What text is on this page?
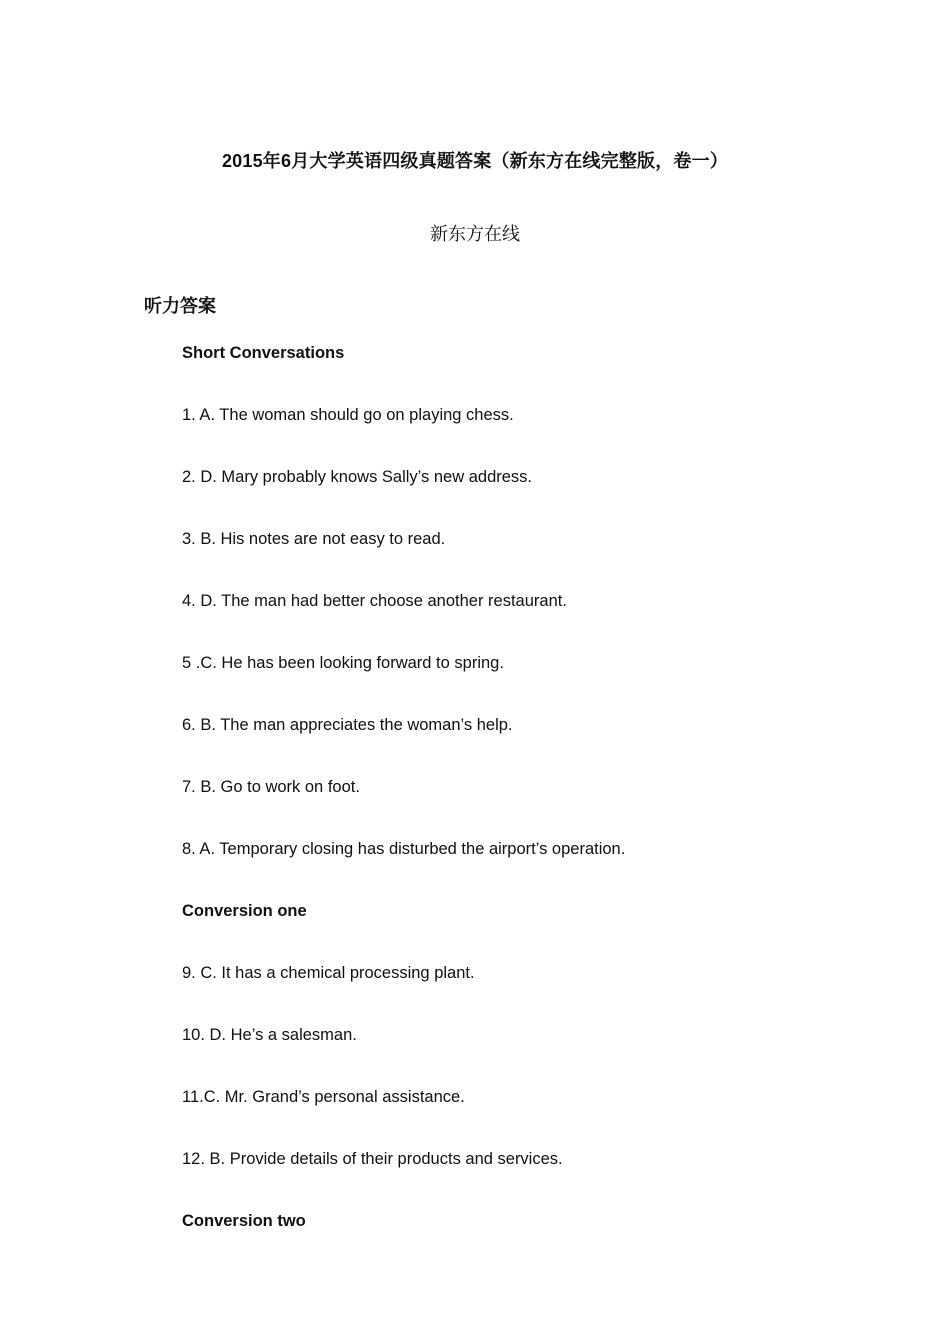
2015年6月大学英语四级真题答案（新东方在线完整版，卷一）
新东方在线
听力答案
Short Conversations
1. A. The woman should go on playing chess.
2. D. Mary probably knows Sally’s new address.
3. B. His notes are not easy to read.
4. D. The man had better choose another restaurant.
5 .C. He has been looking forward to spring.
6. B. The man appreciates the woman’s help.
7. B. Go to work on foot.
8. A. Temporary closing has disturbed the airport’s operation.
Conversion one
9. C. It has a chemical processing plant.
10. D. He’s a salesman.
11.C. Mr. Grand’s personal assistance.
12. B. Provide details of their products and services.
Conversion two
